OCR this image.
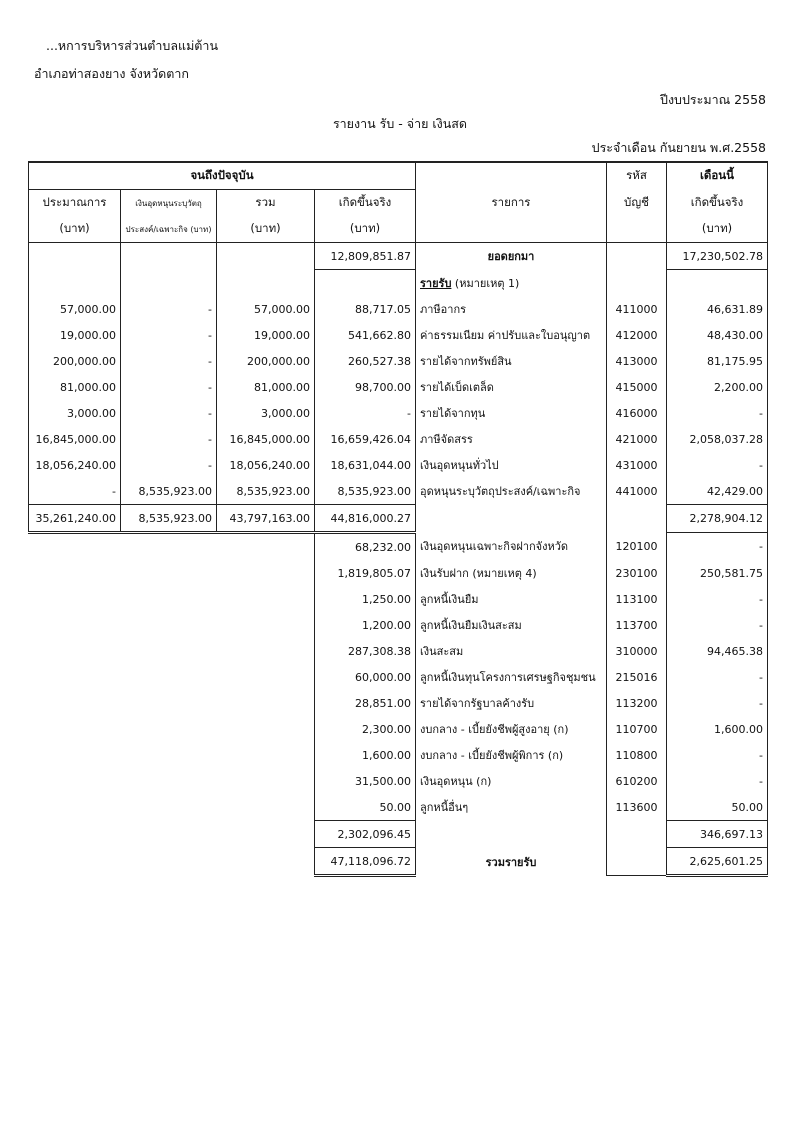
...หการบริหารส่วนตำบลแม่ต้าน
อำเภอท่าสองยาง จังหวัดตาก
ปีงบประมาณ 2558
รายงาน รับ - จ่าย เงินสด
ประจำเดือน กันยายน พ.ศ.2558
จนถึงปัจจุบัน				รายการ	รหัส	เดือนนี้
ประมาณการ	เงินอุดหนุนระบุวัตถุ	รวม	เกิดขึ้นจริง		บัญชี	เกิดขึ้นจริง
(บาท)	ประสงค์/เฉพาะกิจ (บาท)	(บาท)	(บาท)			(บาท)
			12,809,851.87	ยอดยกมา		17,230,502.78
				รายรับ (หมายเหตุ 1)		
57,000.00	-	57,000.00	88,717.05	ภาษีอากร	411000	46,631.89
19,000.00	-	19,000.00	541,662.80	ค่าธรรมเนียม ค่าปรับและใบอนุญาต	412000	48,430.00
200,000.00	-	200,000.00	260,527.38	รายได้จากทรัพย์สิน	413000	81,175.95
81,000.00	-	81,000.00	98,700.00	รายได้เบ็ดเตล็ด	415000	2,200.00
3,000.00	-	3,000.00	-	รายได้จากทุน	416000	-
16,845,000.00	-	16,845,000.00	16,659,426.04	ภาษีจัดสรร	421000	2,058,037.28
18,056,240.00	-	18,056,240.00	18,631,044.00	เงินอุดหนุนทั่วไป	431000	-
-	8,535,923.00	8,535,923.00	8,535,923.00	อุดหนุนระบุวัตถุประสงค์/เฉพาะกิจ	441000	42,429.00
35,261,240.00	8,535,923.00	43,797,163.00	44,816,000.27			2,278,904.12
			68,232.00	เงินอุดหนุนเฉพาะกิจฝากจังหวัด	120100	-
			1,819,805.07	เงินรับฝาก (หมายเหตุ 4)	230100	250,581.75
			1,250.00	ลูกหนี้เงินยืม	113100	-
			1,200.00	ลูกหนี้เงินยืมเงินสะสม	113700	-
			287,308.38	เงินสะสม	310000	94,465.38
			60,000.00	ลูกหนี้เงินทุนโครงการเศรษฐกิจชุมชน	215016	-
			28,851.00	รายได้จากรัฐบาลค้างรับ	113200	-
			2,300.00	งบกลาง - เบี้ยยังชีพผู้สูงอายุ (ก)	110700	1,600.00
			1,600.00	งบกลาง - เบี้ยยังชีพผู้พิการ (ก)	110800	-
			31,500.00	เงินอุดหนุน (ก)	610200	-
			50.00	ลูกหนี้อื่นๆ	113600	50.00
			2,302,096.45			346,697.13
			47,118,096.72	รวมรายรับ		2,625,601.25
